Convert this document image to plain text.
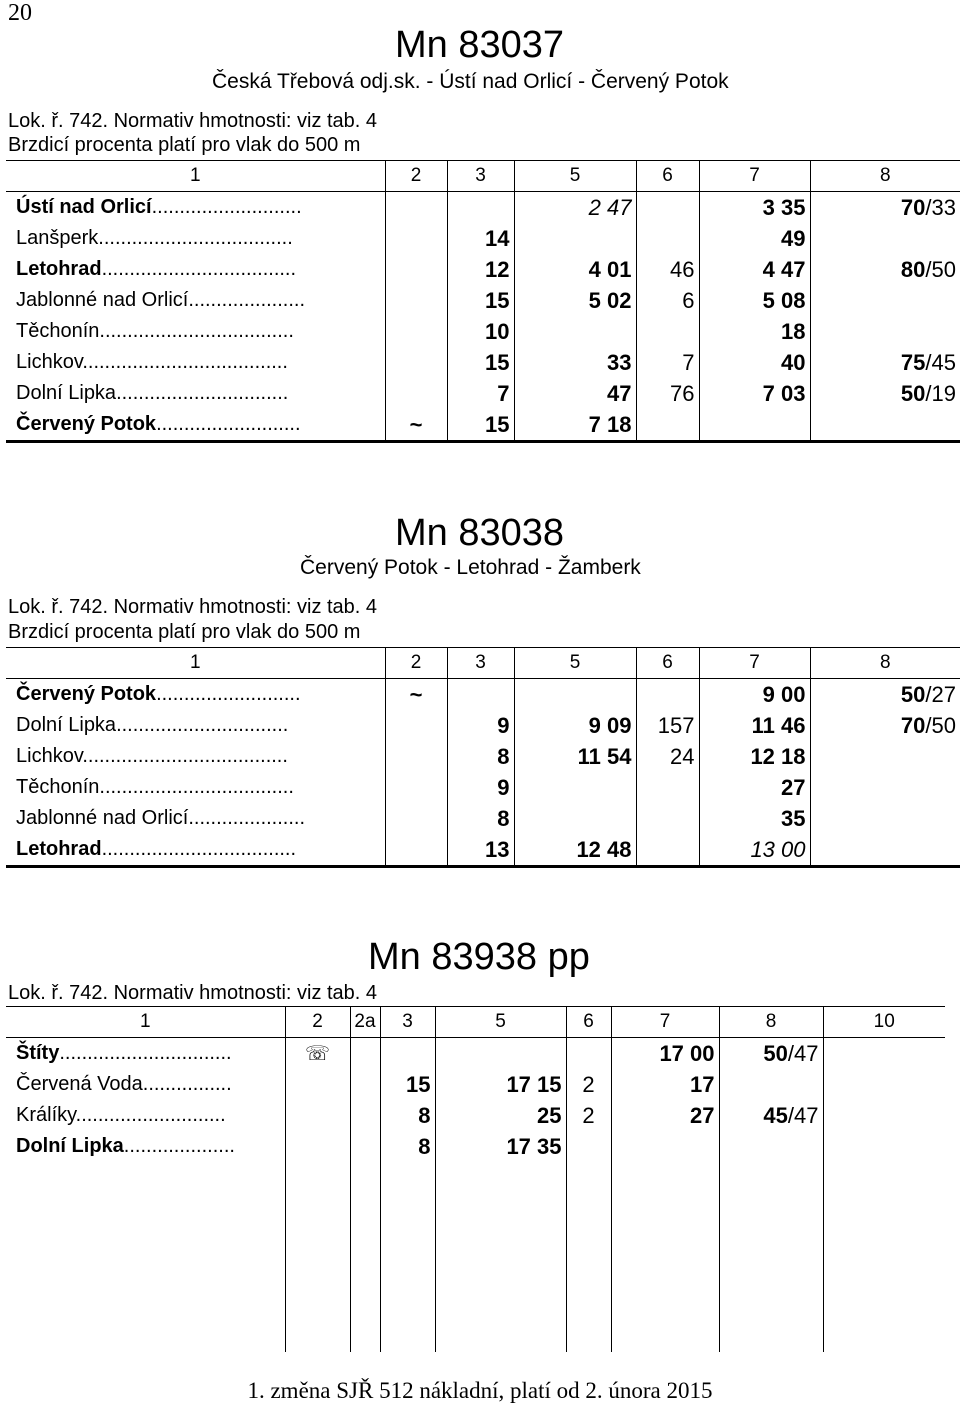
20
Mn 83037
Česká Třebová odj.sk. - Ústí nad Orlicí - Červený Potok
Lok. ř. 742. Normativ hmotnosti: viz tab. 4
Brzdicí procenta platí pro vlak do 500 m
1	2	3	5	6	7	8
Ústí nad Orlicí...........................			2 47		3 35	70/33
Lanšperk...................................		14			49	
Letohrad...................................		12	4 01	46	4 47	80/50
Jablonné nad Orlicí.....................		15	5 02	6	5 08	
Těchonín...................................		10			18	
Lichkov.....................................		15	33	7	40	75/45
Dolní Lipka...............................		7	47	76	7 03	50/19
Červený Potok..........................	~	15	7 18			
Mn 83038
Červený Potok - Letohrad - Žamberk
Lok. ř. 742. Normativ hmotnosti: viz tab. 4
Brzdicí procenta platí pro vlak do 500 m
1	2	3	5	6	7	8
Červený Potok..........................	~				9 00	50/27
Dolní Lipka...............................		9	9 09	157	11 46	70/50
Lichkov.....................................		8	11 54	24	12 18	
Těchonín...................................		9			27	
Jablonné nad Orlicí.....................		8			35	
Letohrad...................................		13	12 48		13 00	
Mn 83938 pp
Lok. ř. 742. Normativ hmotnosti: viz tab. 4
1	2	2a	3	5	6	7	8	10
Štíty...............................	☏					17 00	50/47	
Červená Voda................			15	17 15	2	17		
Králíky...........................			8	25	2	27	45/47	
Dolní Lipka....................			8	17 35				

1. změna SJŘ 512 nákladní, platí od 2. února 2015
